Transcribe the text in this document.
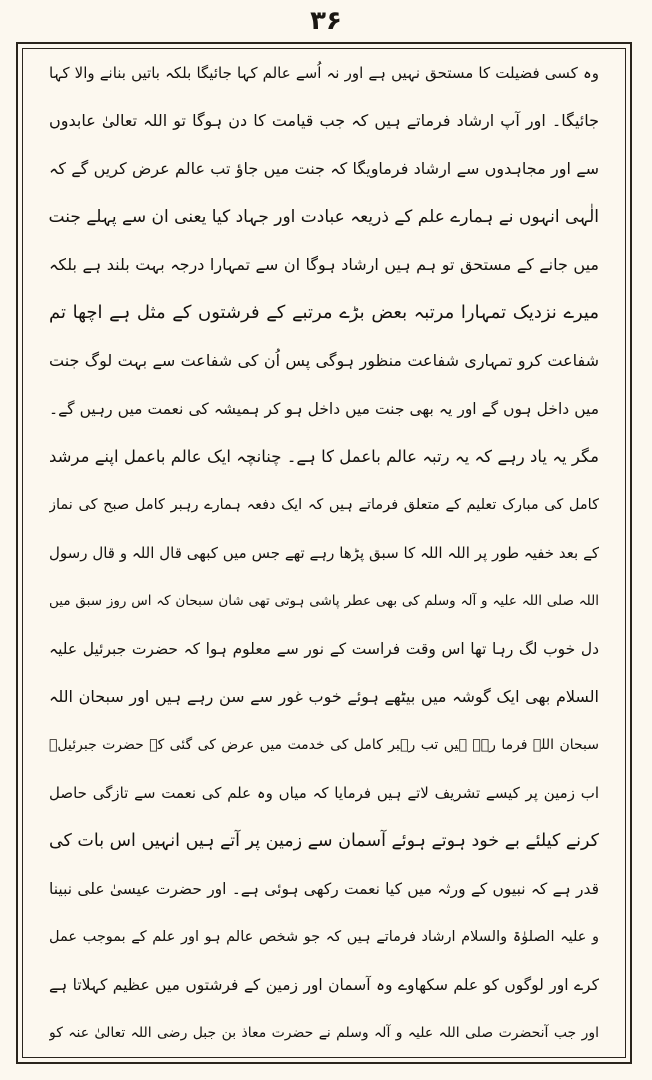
۳۶
وہ کسی فضیلت کا مستحق نہیں ہے اور نہ اُسے عالم کہا جائیگا بلکہ باتیں بنانے والا کہا
جائیگا۔ اور آپ ارشاد فرماتے ہیں کہ جب قیامت کا دن ہوگا تو اللہ تعالیٰ عابدوں
سے اور مجاہدوں سے ارشاد فرماویگا کہ جنت میں جاؤ تب عالم عرض کریں گے کہ
الٰہی انہوں نے ہمارے علم کے ذریعہ عبادت اور جہاد کیا یعنی ان سے پہلے جنت
میں جانے کے مستحق تو ہم ہیں ارشاد ہوگا ان سے تمہارا درجہ بہت بلند ہے بلکہ
میرے نزدیک تمہارا مرتبہ بعض بڑے مرتبے کے فرشتوں کے مثل ہے اچھا تم
شفاعت کرو تمہاری شفاعت منظور ہوگی پس اُن کی شفاعت سے بہت لوگ جنت
میں داخل ہوں گے اور یہ بھی جنت میں داخل ہو کر ہمیشہ کی نعمت میں رہیں گے۔
مگر یہ یاد رہے کہ یہ رتبہ عالم باعمل کا ہے۔ چنانچہ ایک عالم باعمل اپنے مرشد
کامل کی مبارک تعلیم کے متعلق فرماتے ہیں کہ ایک دفعہ ہمارے رہبر کامل صبح کی نماز
کے بعد خفیہ طور پر اللہ اللہ کا سبق پڑھا رہے تھے جس میں کبھی قال اللہ و قال رسول
اللہ صلی اللہ علیہ و آلہ وسلم کی بھی عطر پاشی ہوتی تھی شان سبحان کہ اس روز سبق میں
دل خوب لگ رہا تھا اس وقت فراست کے نور سے معلوم ہوا کہ حضرت جبرئیل علیہ
السلام بھی ایک گوشہ میں بیٹھے ہوئے خوب غور سے سن رہے ہیں اور سبحان اللہ
سبحان اللہ فرما رہے ہیں تب رہبر کامل کی خدمت میں عرض کی گئی کہ حضرت جبرئیلؑ
اب زمین پر کیسے تشریف لاتے ہیں فرمایا کہ میاں وہ علم کی نعمت سے تازگی حاصل
کرنے کیلئے بے خود ہوتے ہوئے آسمان سے زمین پر آتے ہیں انہیں اس بات کی
قدر ہے کہ نبیوں کے ورثہ میں کیا نعمت رکھی ہوئی ہے۔ اور حضرت عیسیٰ علی نبینا
و علیہ الصلوٰۃ والسلام ارشاد فرماتے ہیں کہ جو شخص عالم ہو اور علم کے بموجب عمل
کرے اور لوگوں کو علم سکھاوے وہ آسمان اور زمین کے فرشتوں میں عظیم کہلاتا ہے
اور جب آنحضرت صلی اللہ علیہ و آلہ وسلم نے حضرت معاذ بن جبل رضی اللہ تعالیٰ عنہ کو
